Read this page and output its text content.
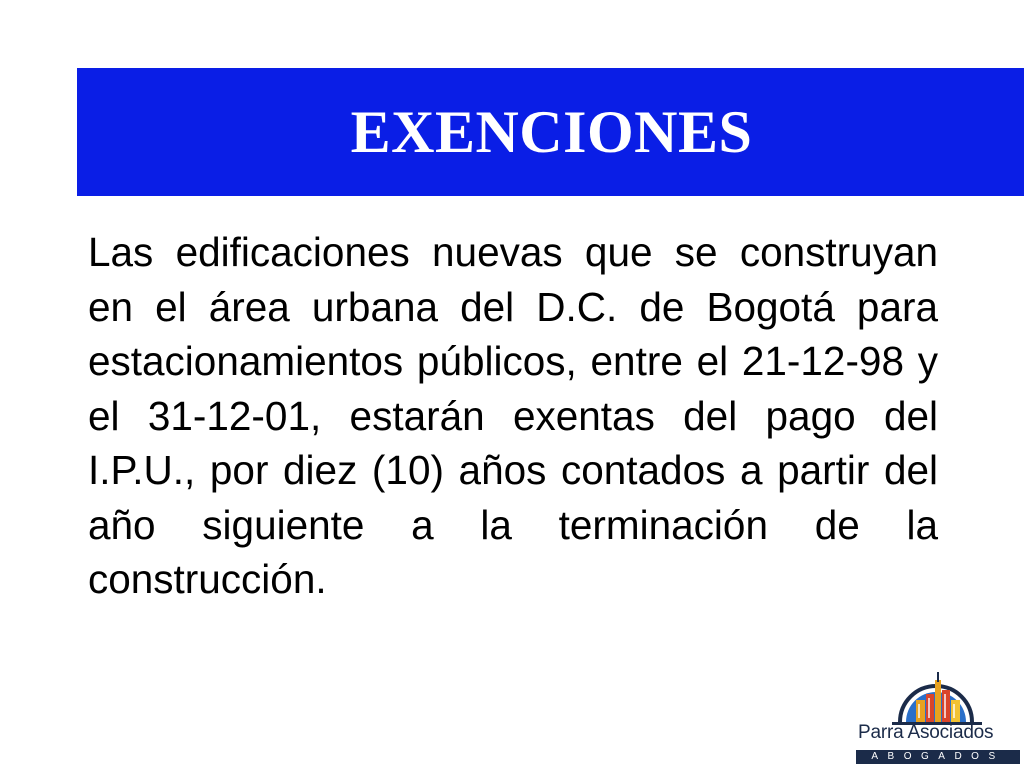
EXENCIONES

Las edificaciones nuevas que se construyan en el área urbana del D.C. de Bogotá para estacionamientos públicos, entre el 21-12-98 y el 31-12-01, estarán exentas del pago del I.P.U., por diez (10) años contados a partir del año siguiente a la terminación de la construcción.

Parra Asociados
ABOGADOS
